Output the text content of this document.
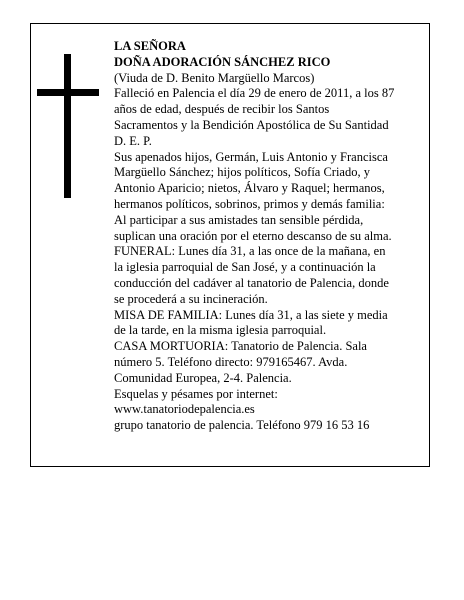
LA SEÑORA

DOÑA ADORACIÓN SÁNCHEZ RICO

(Viuda de D. Benito Margüello Marcos)

Falleció en Palencia el día 29 de enero de 2011, a los 87
años de edad, después de recibir los Santos
Sacramentos y la Bendición Apostólica de Su Santidad
D. E. P.

Sus apenados hijos, Germán, Luis Antonio y Francisca
Margüello Sánchez; hijos políticos, Sofía Criado, y
Antonio Aparicio; nietos, Álvaro y Raquel; hermanos,
hermanos políticos, sobrinos, primos y demás familia:

Al participar a sus amistades tan sensible pérdida,
suplican una oración por el eterno descanso de su alma.

FUNERAL: Lunes día 31, a las once de la mañana, en
la iglesia parroquial de San José, y a continuación la
conducción del cadáver al tanatorio de Palencia, donde
se procederá a su incineración.

MISA DE FAMILIA: Lunes día 31, a las siete y media
de la tarde, en la misma iglesia parroquial.

CASA MORTUORIA: Tanatorio de Palencia. Sala
número 5. Teléfono directo: 979165467. Avda.
Comunidad Europea, 2-4. Palencia.

Esquelas y pésames por internet:
www.tanatoriodepalencia.es

grupo tanatorio de palencia. Teléfono 979 16 53 16
